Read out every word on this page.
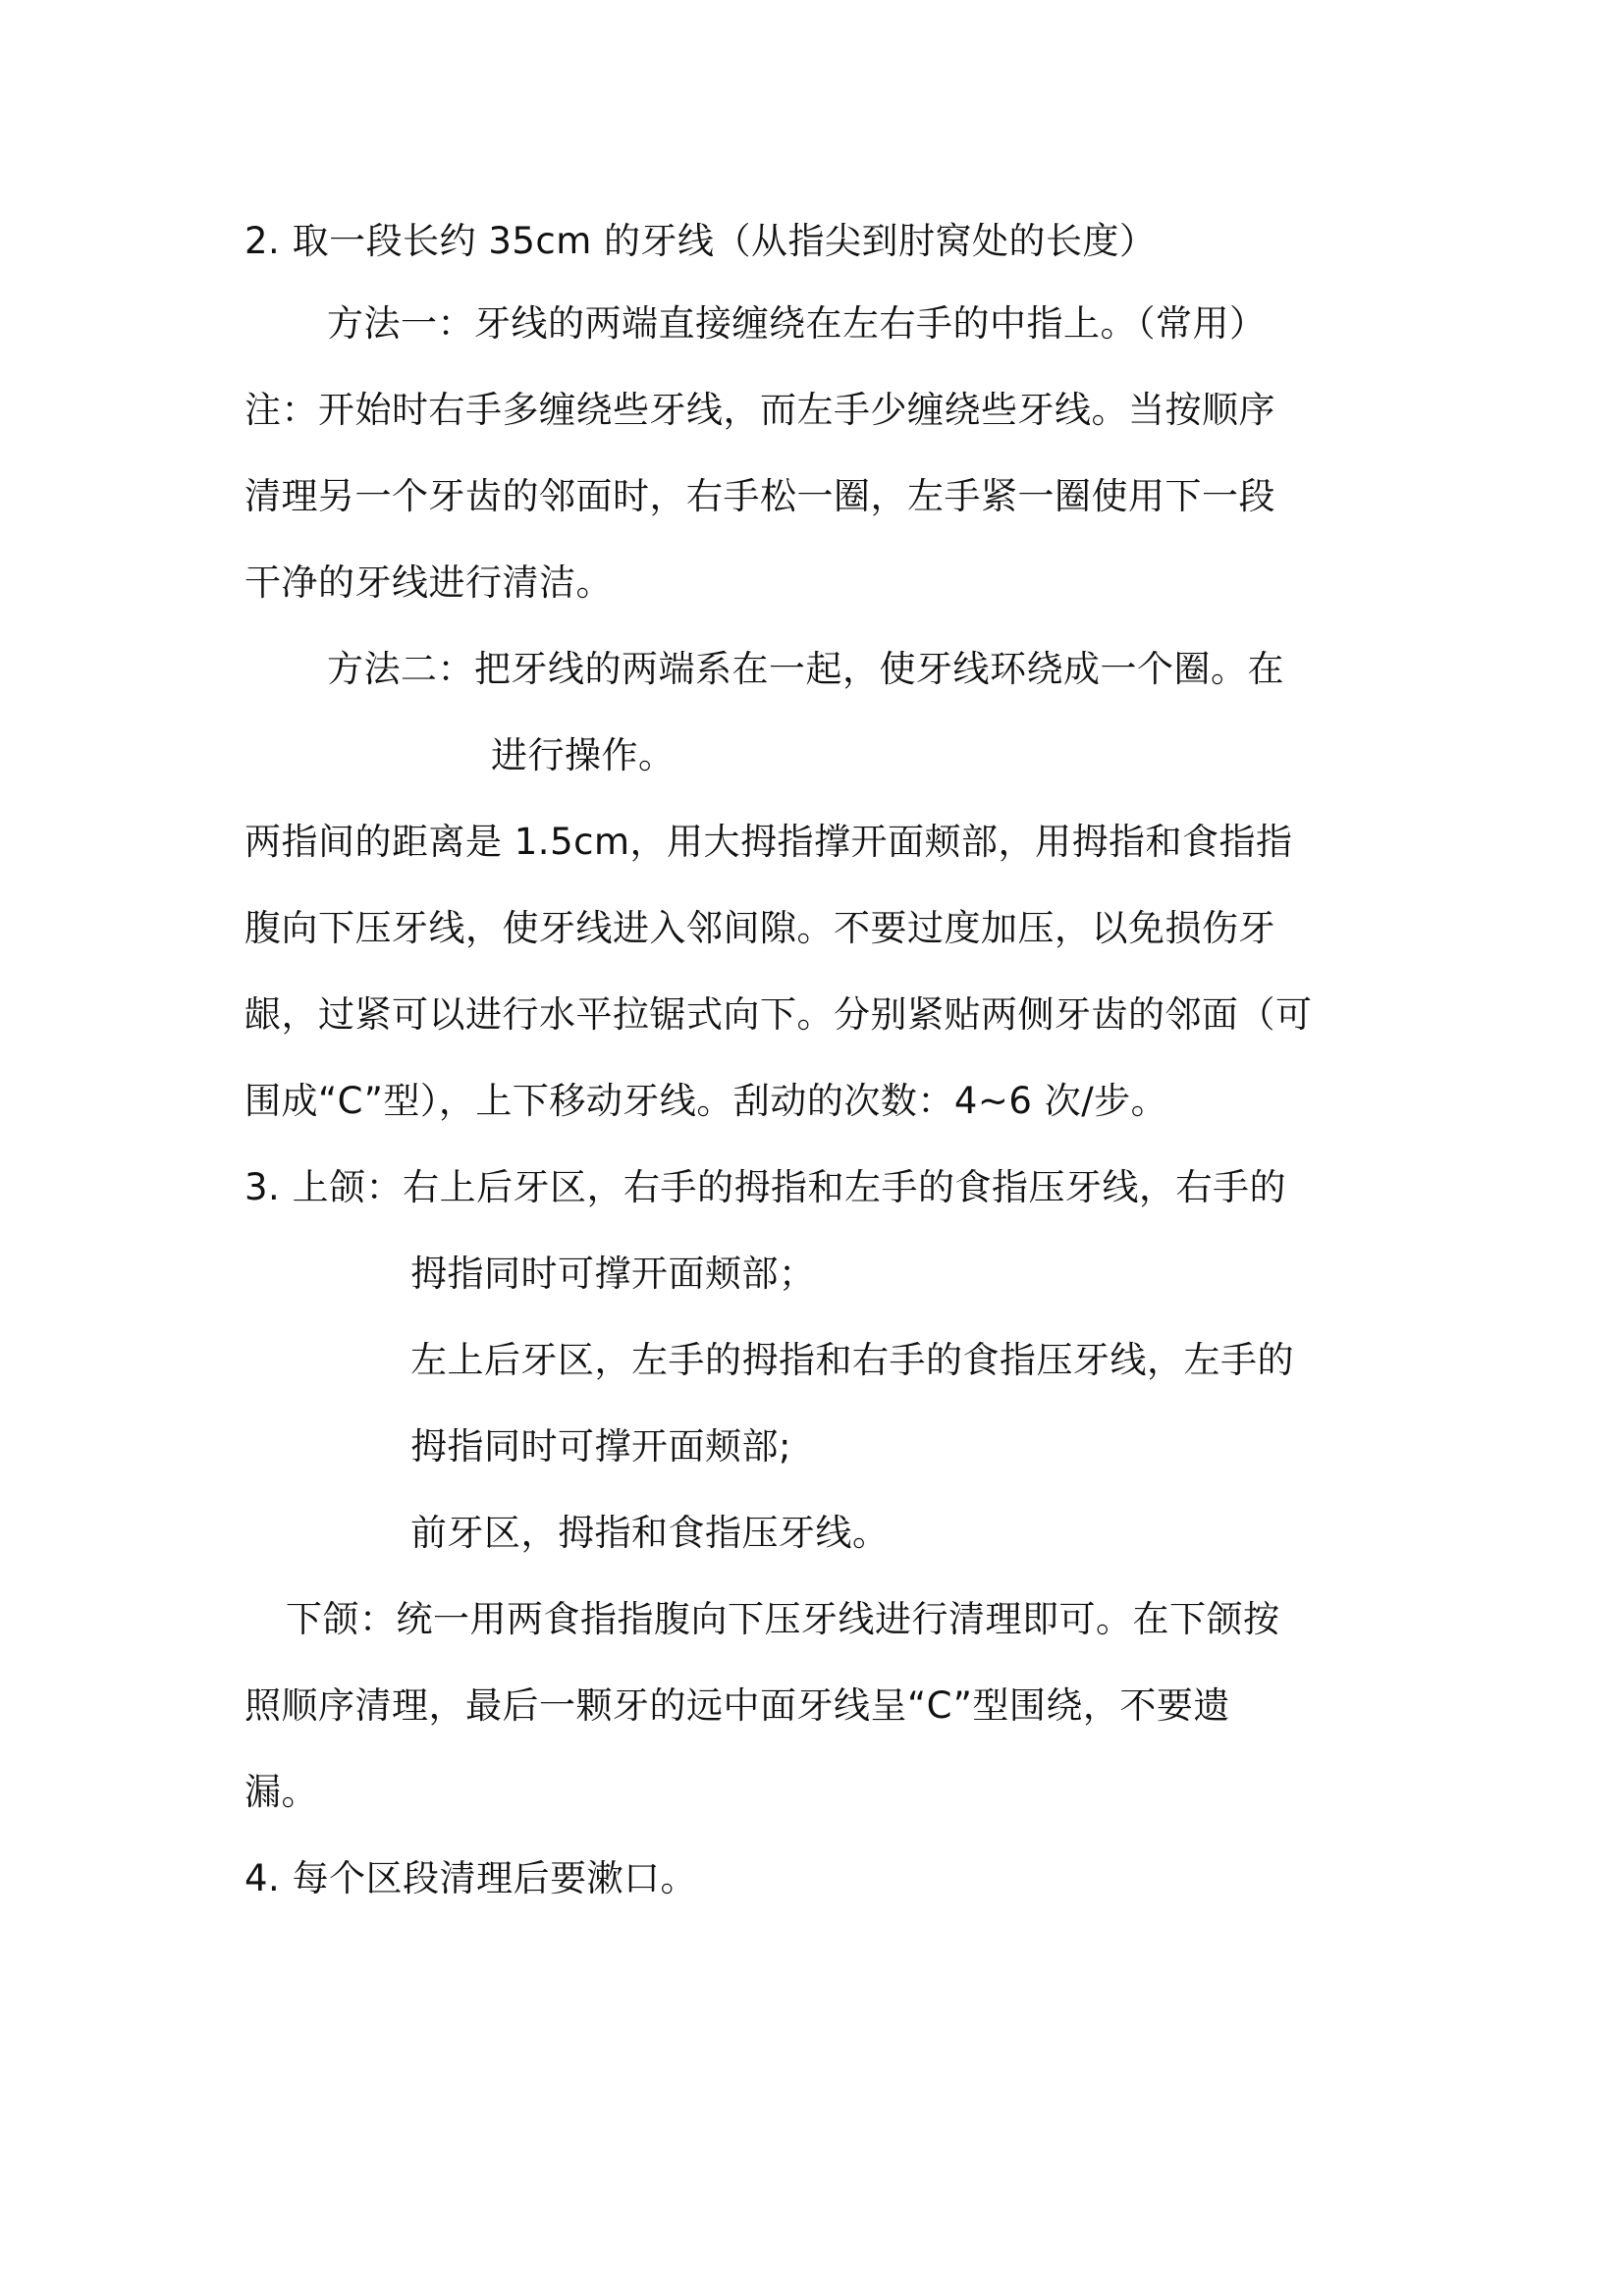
2. 取一段长约 35cm 的牙线（从指尖到肘窝处的长度）
方法一：牙线的两端直接缠绕在左右手的中指上。（常用）
注：开始时右手多缠绕些牙线，而左手少缠绕些牙线。当按顺序
清理另一个牙齿的邻面时，右手松一圈，左手紧一圈使用下一段
干净的牙线进行清洁。
方法二：把牙线的两端系在一起，使牙线环绕成一个圈。在
进行操作。
两指间的距离是 1.5cm，用大拇指撑开面颊部，用拇指和食指指
腹向下压牙线，使牙线进入邻间隙。不要过度加压，以免损伤牙
龈，过紧可以进行水平拉锯式向下。分别紧贴两侧牙齿的邻面（可
围成“C”型），上下移动牙线。刮动的次数：4~6 次/步。
3. 上颌：右上后牙区，右手的拇指和左手的食指压牙线，右手的
拇指同时可撑开面颊部；
左上后牙区，左手的拇指和右手的食指压牙线，左手的
拇指同时可撑开面颊部;
前牙区，拇指和食指压牙线。
下颌：统一用两食指指腹向下压牙线进行清理即可。在下颌按
照顺序清理，最后一颗牙的远中面牙线呈“C”型围绕，不要遗
漏。
4. 每个区段清理后要漱口。
